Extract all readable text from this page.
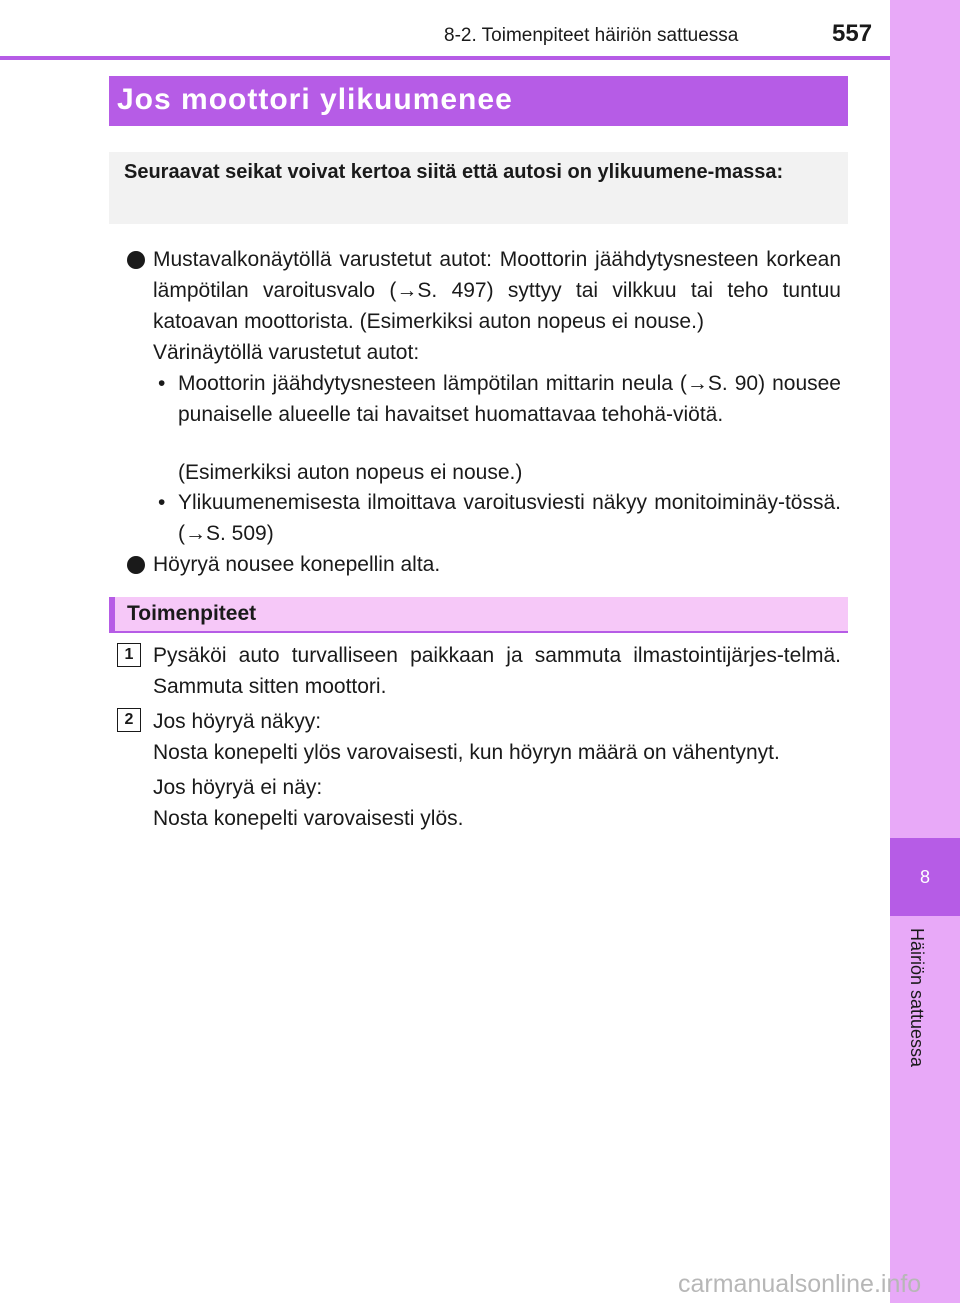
8
Häiriön sattuessa
8-2. Toimenpiteet häiriön sattuessa	557
Jos moottori ylikuumenee
Seuraavat seikat voivat kertoa siitä että autosi on ylikuumene-massa:
Mustavalkonäytöllä varustetut autot: Moottorin jäähdytysnesteen korkean lämpötilan varoitusvalo (→S. 497) syttyy tai vilkkuu tai teho tuntuu katoavan moottorista. (Esimerkiksi auton nopeus ei nouse.)
Värinäytöllä varustetut autot:
• Moottorin jäähdytysnesteen lämpötilan mittarin neula (→S. 90) nousee punaiselle alueelle tai havaitset huomattavaa tehohä-viötä.
(Esimerkiksi auton nopeus ei nouse.)
• Ylikuumenemisesta ilmoittava varoitusviesti näkyy monitoiminäy-tössä. (→S. 509)
Höyryä nousee konepellin alta.
Toimenpiteet
1 Pysäköi auto turvalliseen paikkaan ja sammuta ilmastointijärjes-telmä. Sammuta sitten moottori.
2 Jos höyryä näkyy:
Nosta konepelti ylös varovaisesti, kun höyryn määrä on vähentynyt.
Jos höyryä ei näy:
Nosta konepelti varovaisesti ylös.
carmanualsonline.info
